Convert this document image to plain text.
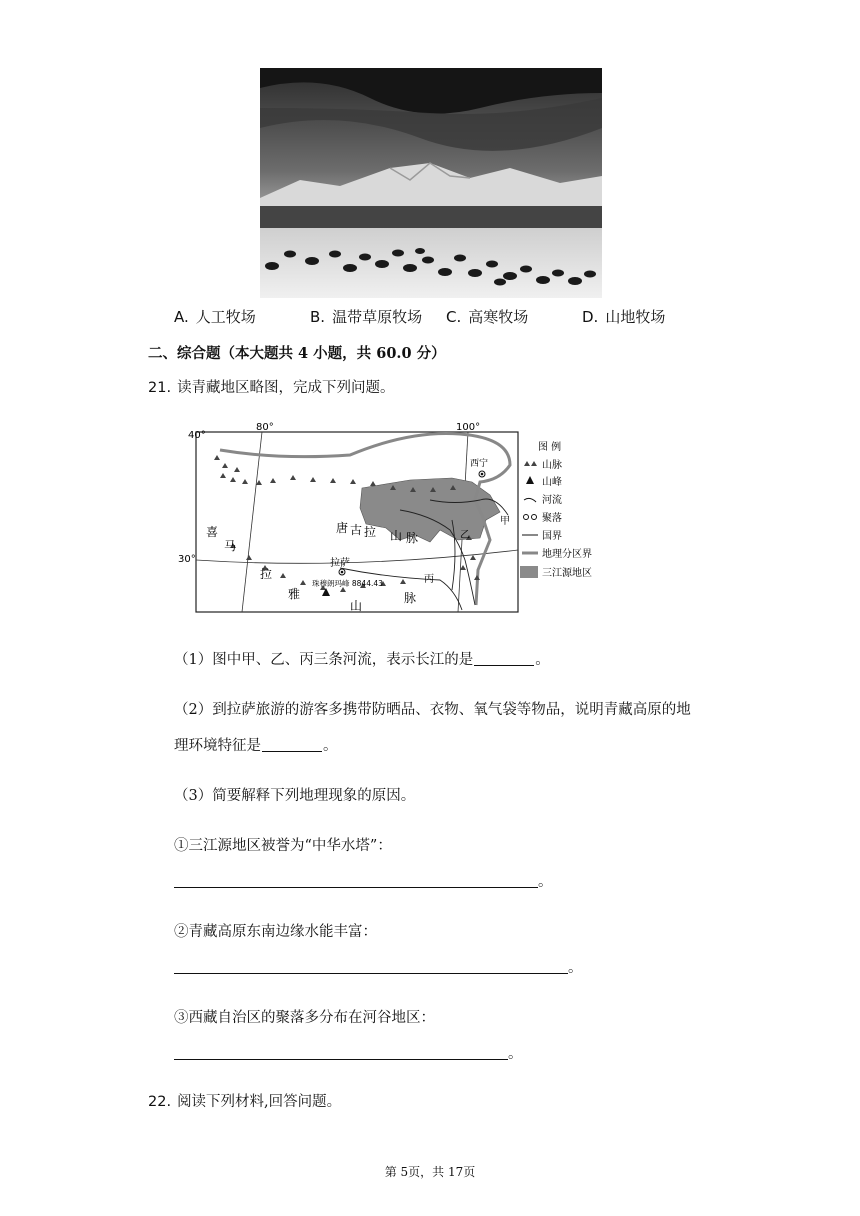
A. 人工牧场	B. 温带草原牧场 C. 高寒牧场	D. 山地牧场
二、综合题（本大题共 4 小题，共 60.0 分）
21. 读青藏地区略图，完成下列问题。
40°
30°
80°	100°
西宁
拉萨
甲
乙
丙
珠穆朗玛峰 8844.43
唐 古 拉 山 脉
喜
马
拉
雅
山
脉
图 例
山脉
山峰
河流
聚落
国界
地理分区界
三江源地区
（1）图中甲、乙、丙三条河流，表示长江的是	。
（2）到拉萨旅游的游客多携带防晒品、衣物、氧气袋等物品，说明青藏高原的地
理环境特征是	。
（3）简要解释下列地理现象的原因。
①三江源地区被誉为“中华水塔”：
。
②青藏高原东南边缘水能丰富：
。
③西藏自治区的聚落多分布在河谷地区：
。
22. 阅读下列材料,回答问题。
第 5页，共 17页
